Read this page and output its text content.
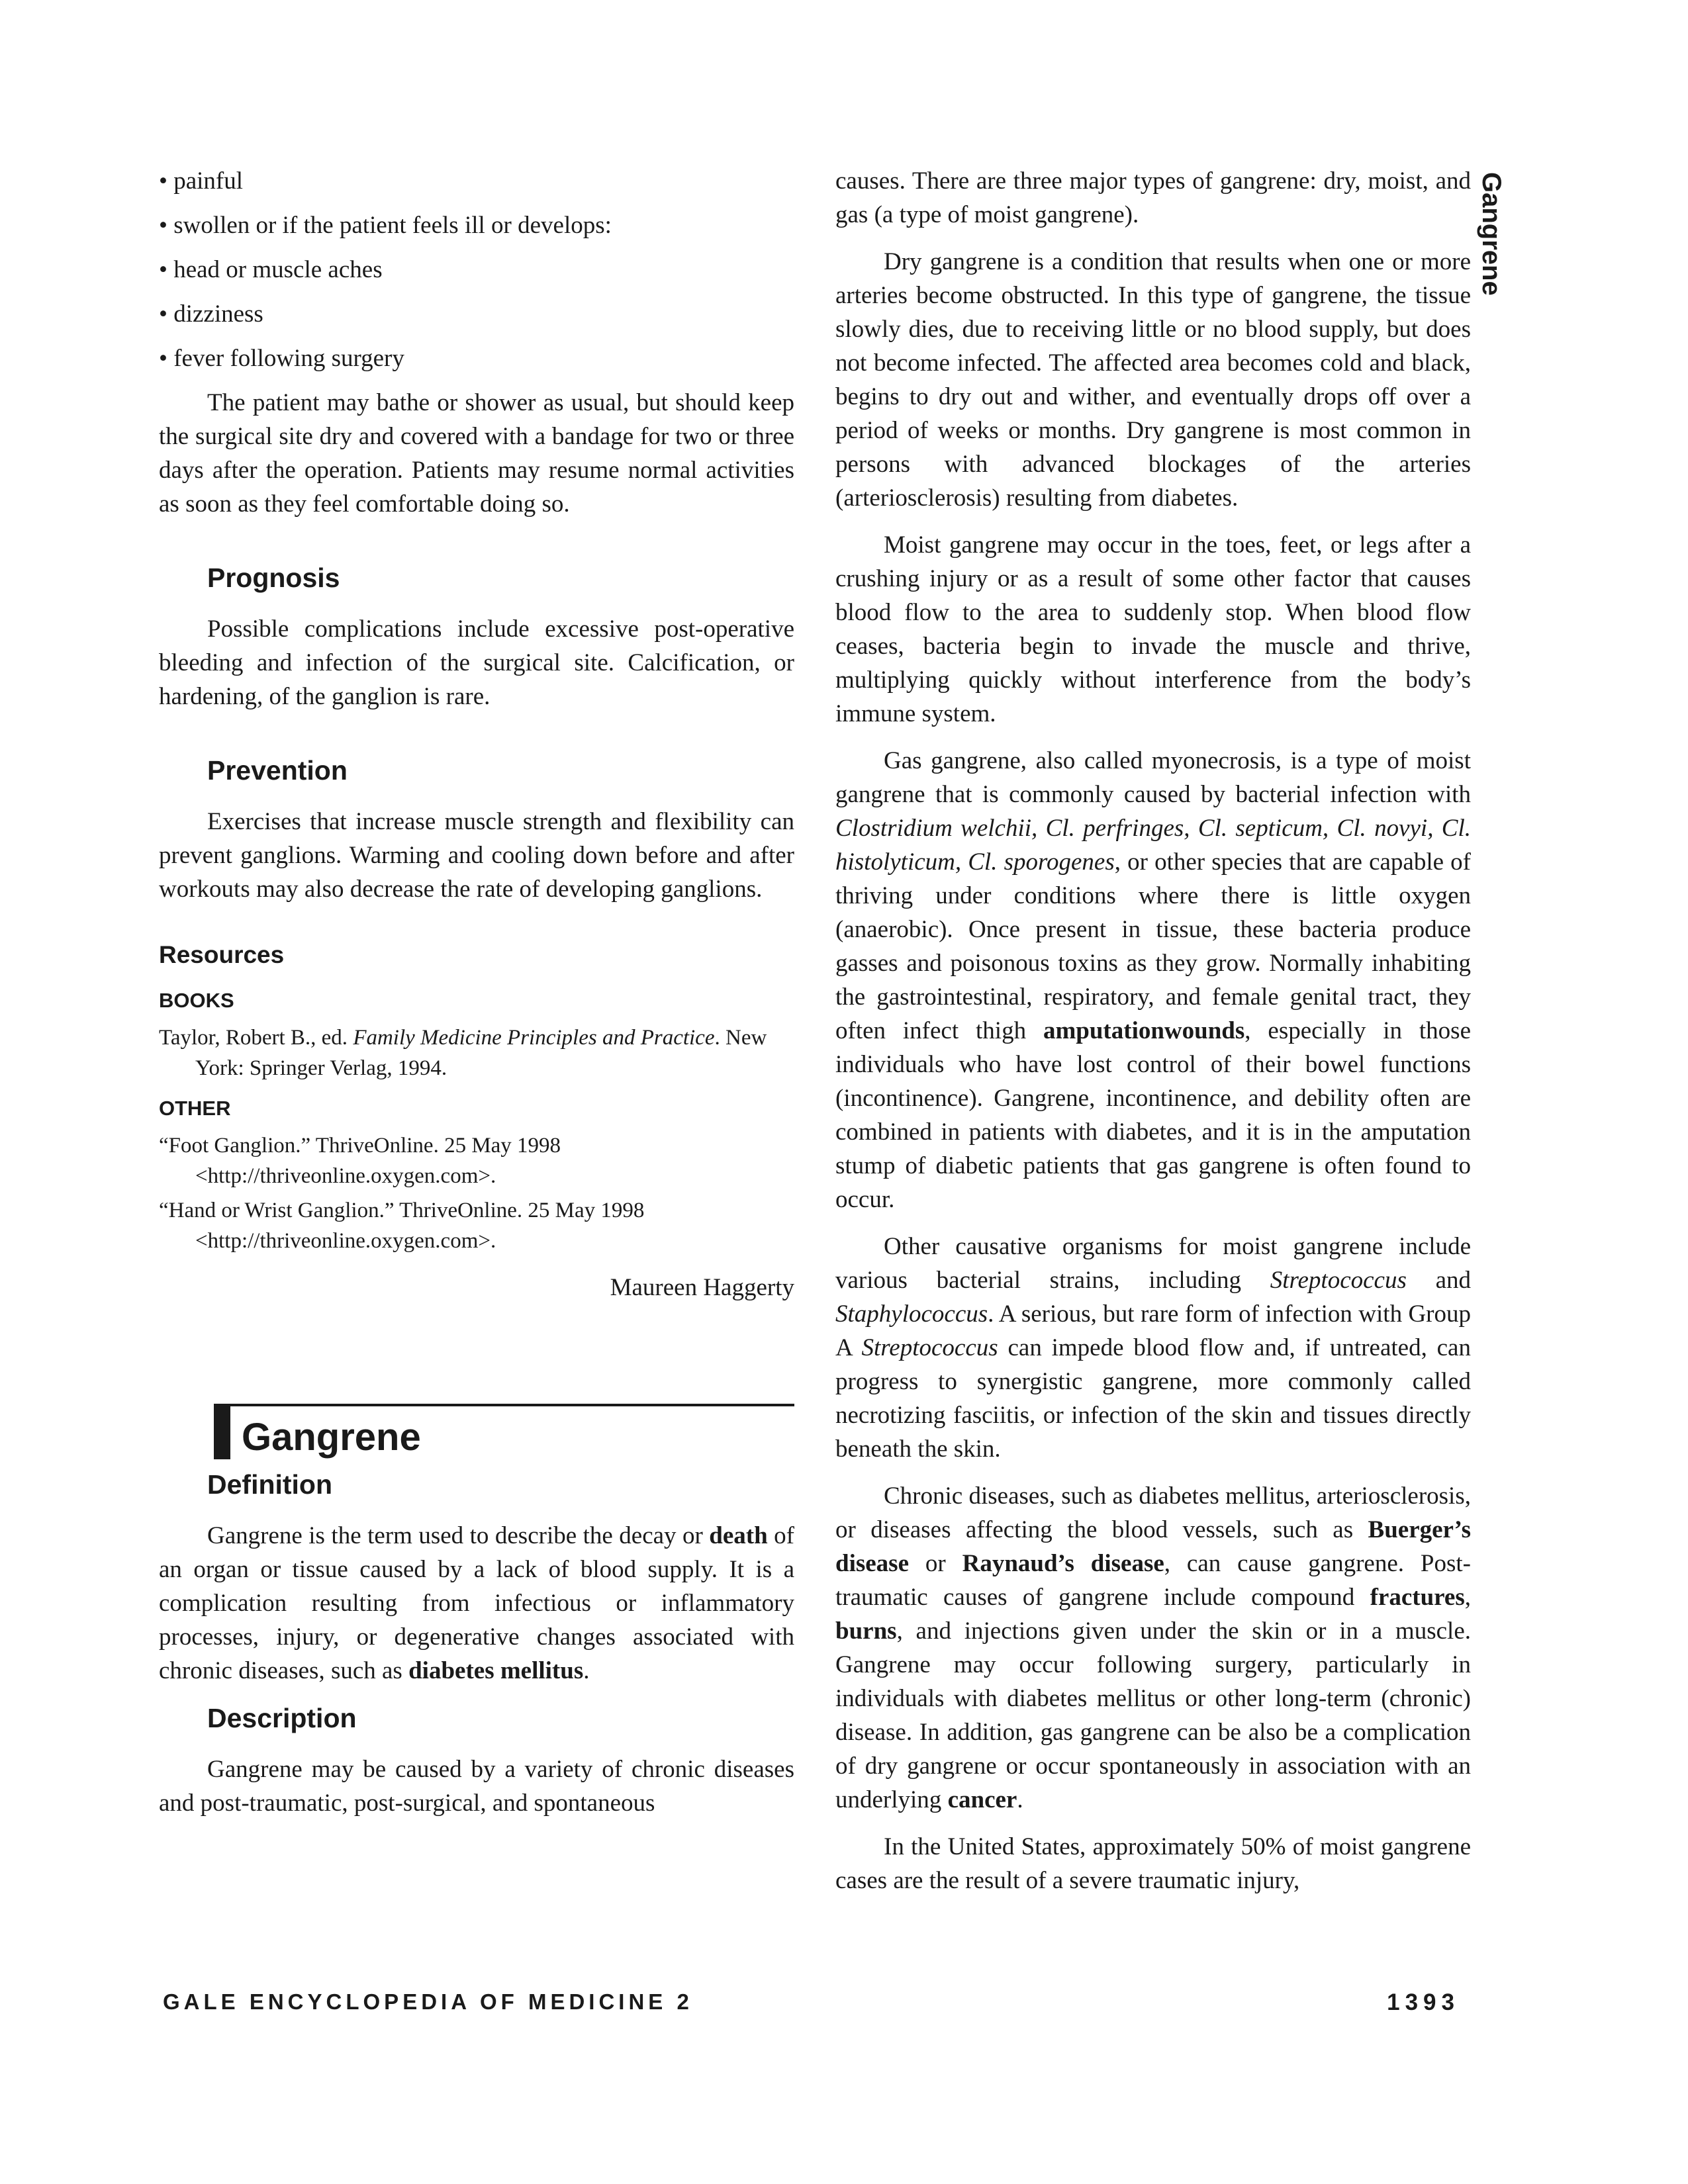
Gangrene
• painful
• swollen or if the patient feels ill or develops:
• head or muscle aches
• dizziness
• fever following surgery

The patient may bathe or shower as usual, but should keep the surgical site dry and covered with a bandage for two or three days after the operation. Patients may resume normal activities as soon as they feel comfortable doing so.

Prognosis

Possible complications include excessive post-operative bleeding and infection of the surgical site. Calcification, or hardening, of the ganglion is rare.

Prevention

Exercises that increase muscle strength and flexibility can prevent ganglions. Warming and cooling down before and after workouts may also decrease the rate of developing ganglions.

Resources
BOOKS
Taylor, Robert B., ed. Family Medicine Principles and Practice. New York: Springer Verlag, 1994.
OTHER
“Foot Ganglion.” ThriveOnline. 25 May 1998 <http://thriveonline.oxygen.com>.
“Hand or Wrist Ganglion.” ThriveOnline. 25 May 1998 <http://thriveonline.oxygen.com>.
Maureen Haggerty
Gangrene
Definition

Gangrene is the term used to describe the decay or death of an organ or tissue caused by a lack of blood supply. It is a complication resulting from infectious or inflammatory processes, injury, or degenerative changes associated with chronic diseases, such as diabetes mellitus.

Description

Gangrene may be caused by a variety of chronic diseases and post-traumatic, post-surgical, and spontaneous

causes. There are three major types of gangrene: dry, moist, and gas (a type of moist gangrene).

Dry gangrene is a condition that results when one or more arteries become obstructed. In this type of gangrene, the tissue slowly dies, due to receiving little or no blood supply, but does not become infected. The affected area becomes cold and black, begins to dry out and wither, and eventually drops off over a period of weeks or months. Dry gangrene is most common in persons with advanced blockages of the arteries (arteriosclerosis) resulting from diabetes.

Moist gangrene may occur in the toes, feet, or legs after a crushing injury or as a result of some other factor that causes blood flow to the area to suddenly stop. When blood flow ceases, bacteria begin to invade the muscle and thrive, multiplying quickly without interference from the body’s immune system.

Gas gangrene, also called myonecrosis, is a type of moist gangrene that is commonly caused by bacterial infection with Clostridium welchii, Cl. perfringes, Cl. septicum, Cl. novyi, Cl. histolyticum, Cl. sporogenes, or other species that are capable of thriving under conditions where there is little oxygen (anaerobic). Once present in tissue, these bacteria produce gasses and poisonous toxins as they grow. Normally inhabiting the gastrointestinal, respiratory, and female genital tract, they often infect thigh amputationwounds, especially in those individuals who have lost control of their bowel functions (incontinence). Gangrene, incontinence, and debility often are combined in patients with diabetes, and it is in the amputation stump of diabetic patients that gas gangrene is often found to occur.

Other causative organisms for moist gangrene include various bacterial strains, including Streptococcus and Staphylococcus. A serious, but rare form of infection with Group A Streptococcus can impede blood flow and, if untreated, can progress to synergistic gangrene, more commonly called necrotizing fasciitis, or infection of the skin and tissues directly beneath the skin.

Chronic diseases, such as diabetes mellitus, arteriosclerosis, or diseases affecting the blood vessels, such as Buerger’s disease or Raynaud’s disease, can cause gangrene. Post-traumatic causes of gangrene include compound fractures, burns, and injections given under the skin or in a muscle. Gangrene may occur following surgery, particularly in individuals with diabetes mellitus or other long-term (chronic) disease. In addition, gas gangrene can be also be a complication of dry gangrene or occur spontaneously in association with an underlying cancer.

In the United States, approximately 50% of moist gangrene cases are the result of a severe traumatic injury,

GALE ENCYCLOPEDIA OF MEDICINE 2	1393
